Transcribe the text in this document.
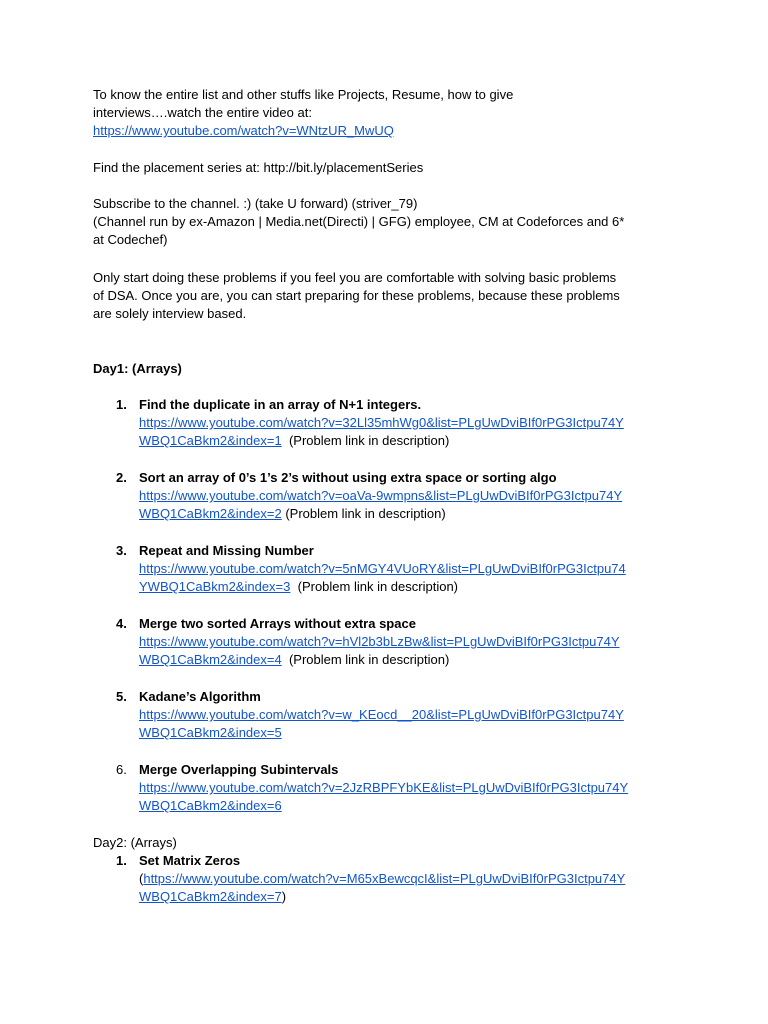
To know the entire list and other stuffs like Projects, Resume, how to give
interviews….watch the entire video at:
https://www.youtube.com/watch?v=WNtzUR_MwUQ
Find the placement series at: http://bit.ly/placementSeries
Subscribe to the channel. :) (take U forward) (striver_79)
(Channel run by ex-Amazon | Media.net(Directi) | GFG) employee, CM at Codeforces and 6*
at Codechef)
Only start doing these problems if you feel you are comfortable with solving basic problems
of DSA. Once you are, you can start preparing for these problems, because these problems
are solely interview based.
Day1: (Arrays)
1. Find the duplicate in an array of N+1 integers.
https://www.youtube.com/watch?v=32Ll35mhWg0&list=PLgUwDviBIf0rPG3Ictpu74Y
WBQ1CaBkm2&index=1 (Problem link in description)
2. Sort an array of 0’s 1’s 2’s without using extra space or sorting algo
https://www.youtube.com/watch?v=oaVa-9wmpns&list=PLgUwDviBIf0rPG3Ictpu74Y
WBQ1CaBkm2&index=2 (Problem link in description)
3. Repeat and Missing Number
https://www.youtube.com/watch?v=5nMGY4VUoRY&list=PLgUwDviBIf0rPG3Ictpu74
YWBQ1CaBkm2&index=3 (Problem link in description)
4. Merge two sorted Arrays without extra space
https://www.youtube.com/watch?v=hVl2b3bLzBw&list=PLgUwDviBIf0rPG3Ictpu74Y
WBQ1CaBkm2&index=4 (Problem link in description)
5. Kadane’s Algorithm
https://www.youtube.com/watch?v=w_KEocd__20&list=PLgUwDviBIf0rPG3Ictpu74Y
WBQ1CaBkm2&index=5
6. Merge Overlapping Subintervals
https://www.youtube.com/watch?v=2JzRBPFYbKE&list=PLgUwDviBIf0rPG3Ictpu74Y
WBQ1CaBkm2&index=6
Day2: (Arrays)
1. Set Matrix Zeros
(https://www.youtube.com/watch?v=M65xBewcqcI&list=PLgUwDviBIf0rPG3Ictpu74Y
WBQ1CaBkm2&index=7)
